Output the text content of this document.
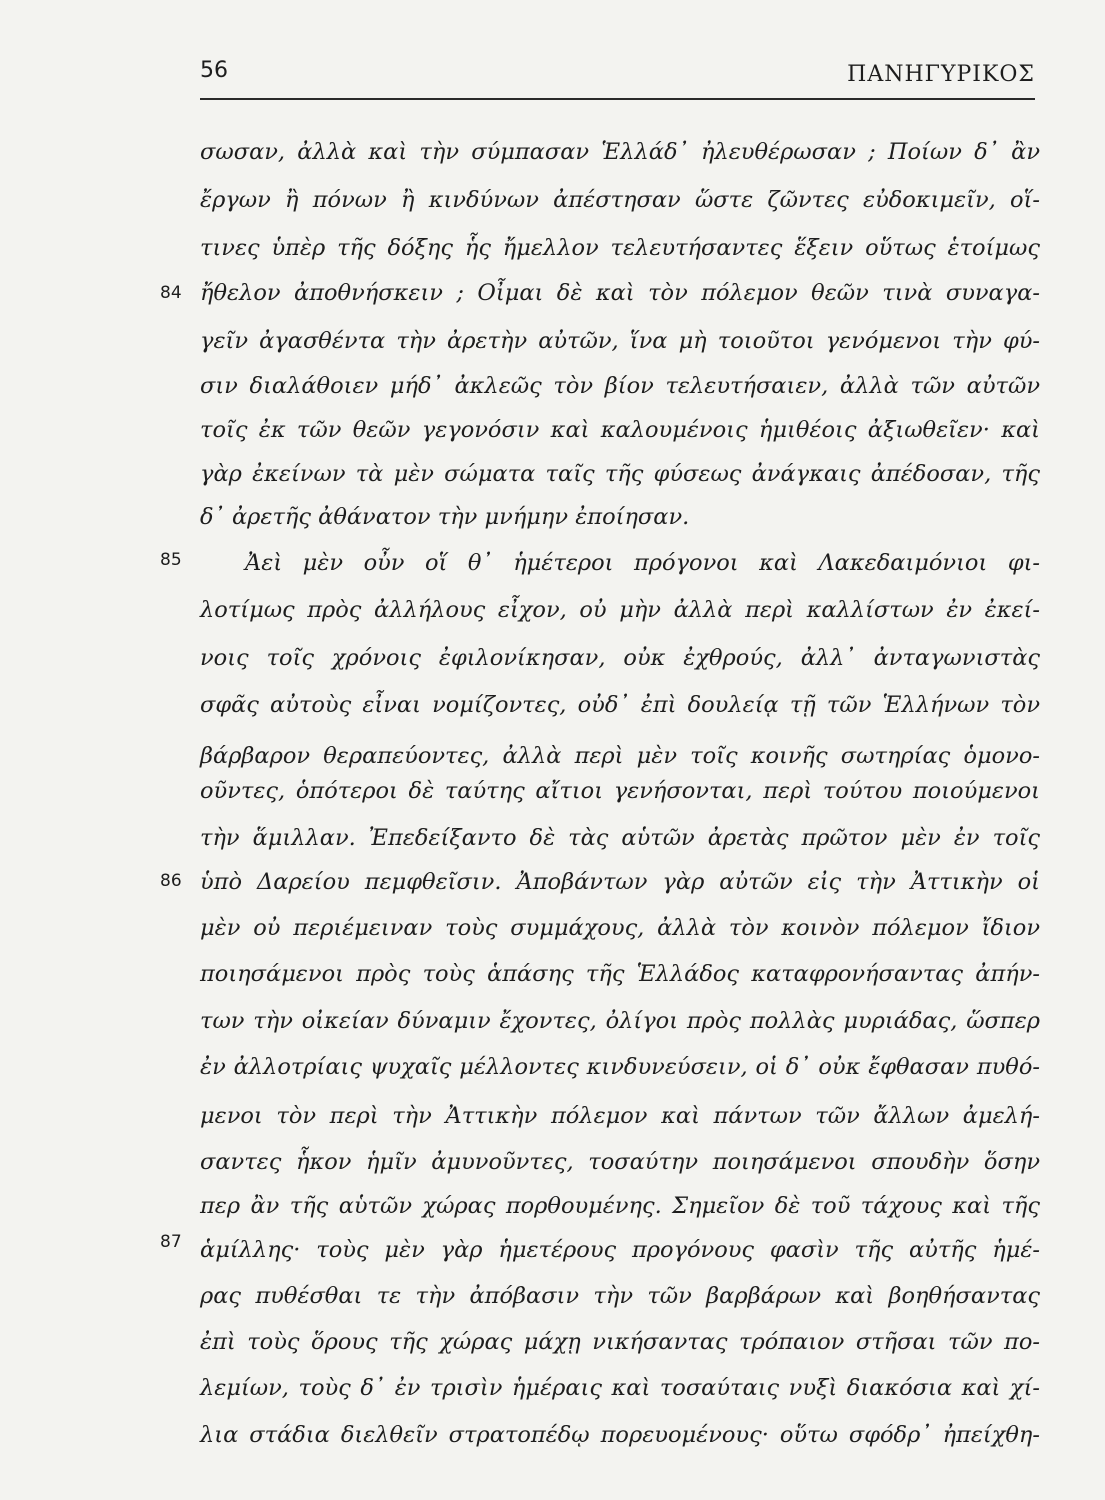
56	ΠΑΝΗΓΥΡΙΚΟΣ
84
85
86
87
σωσαν, ἀλλὰ καὶ τὴν σύμπασαν Ἑλλάδ᾽ ἠλευθέρωσαν ; Ποίων δ᾽ ἂν
ἔργων ἢ πόνων ἢ κινδύνων ἀπέστησαν ὥστε ζῶντες εὐδοκιμεῖν, οἵ-
τινες ὑπὲρ τῆς δόξης ἧς ἤμελλον τελευτήσαντες ἕξειν οὕτως ἑτοίμως
ἤθελον ἀποθνήσκειν ; Οἶμαι δὲ καὶ τὸν πόλεμον θεῶν τινὰ συναγα-
γεῖν ἀγασθέντα τὴν ἀρετὴν αὐτῶν, ἵνα μὴ τοιοῦτοι γενόμενοι τὴν φύ-
σιν διαλάθοιεν μήδ᾽ ἀκλεῶς τὸν βίον τελευτήσαιεν, ἀλλὰ τῶν αὐτῶν
τοῖς ἐκ τῶν θεῶν γεγονόσιν καὶ καλουμένοις ἡμιθέοις ἀξιωθεῖεν· καὶ
γὰρ ἐκείνων τὰ μὲν σώματα ταῖς τῆς φύσεως ἀνάγκαις ἀπέδοσαν, τῆς
δ᾽ ἀρετῆς ἀθάνατον τὴν μνήμην ἐποίησαν.
Ἀεὶ μὲν οὖν οἵ θ᾽ ἡμέτεροι πρόγονοι καὶ Λακεδαιμόνιοι φι-
λοτίμως πρὸς ἀλλήλους εἶχον, οὐ μὴν ἀλλὰ περὶ καλλίστων ἐν ἐκεί-
νοις τοῖς χρόνοις ἐφιλονίκησαν, οὐκ ἐχθρούς, ἀλλ᾽ ἀνταγωνιστὰς
σφᾶς αὐτοὺς εἶναι νομίζοντες, οὐδ᾽ ἐπὶ δουλείᾳ τῇ τῶν Ἑλλήνων τὸν
βάρβαρον θεραπεύοντες, ἀλλὰ περὶ μὲν τοῖς κοινῆς σωτηρίας ὁμονο-
οῦντες, ὁπότεροι δὲ ταύτης αἴτιοι γενήσονται, περὶ τούτου ποιούμενοι
τὴν ἅμιλλαν. Ἐπεδείξαντο δὲ τὰς αὑτῶν ἀρετὰς πρῶτον μὲν ἐν τοῖς
ὑπὸ Δαρείου πεμφθεῖσιν. Ἀποβάντων γὰρ αὐτῶν εἰς τὴν Ἀττικὴν οἱ
μὲν οὐ περιέμειναν τοὺς συμμάχους, ἀλλὰ τὸν κοινὸν πόλεμον ἴδιον
ποιησάμενοι πρὸς τοὺς ἁπάσης τῆς Ἑλλάδος καταφρονήσαντας ἀπήν-
των τὴν οἰκείαν δύναμιν ἔχοντες, ὀλίγοι πρὸς πολλὰς μυριάδας, ὥσπερ
ἐν ἀλλοτρίαις ψυχαῖς μέλλοντες κινδυνεύσειν, οἱ δ᾽ οὐκ ἔφθασαν πυθό-
μενοι τὸν περὶ τὴν Ἀττικὴν πόλεμον καὶ πάντων τῶν ἄλλων ἀμελή-
σαντες ἧκον ἡμῖν ἀμυνοῦντες, τοσαύτην ποιησάμενοι σπουδὴν ὅσην
περ ἂν τῆς αὑτῶν χώρας πορθουμένης. Σημεῖον δὲ τοῦ τάχους καὶ τῆς
ἁμίλλης· τοὺς μὲν γὰρ ἡμετέρους προγόνους φασὶν τῆς αὐτῆς ἡμέ-
ρας πυθέσθαι τε τὴν ἀπόβασιν τὴν τῶν βαρβάρων καὶ βοηθήσαντας
ἐπὶ τοὺς ὅρους τῆς χώρας μάχῃ νικήσαντας τρόπαιον στῆσαι τῶν πο-
λεμίων, τοὺς δ᾽ ἐν τρισὶν ἡμέραις καὶ τοσαύταις νυξὶ διακόσια καὶ χί-
λια στάδια διελθεῖν στρατοπέδῳ πορευομένους· οὕτω σφόδρ᾽ ἠπείχθη-
